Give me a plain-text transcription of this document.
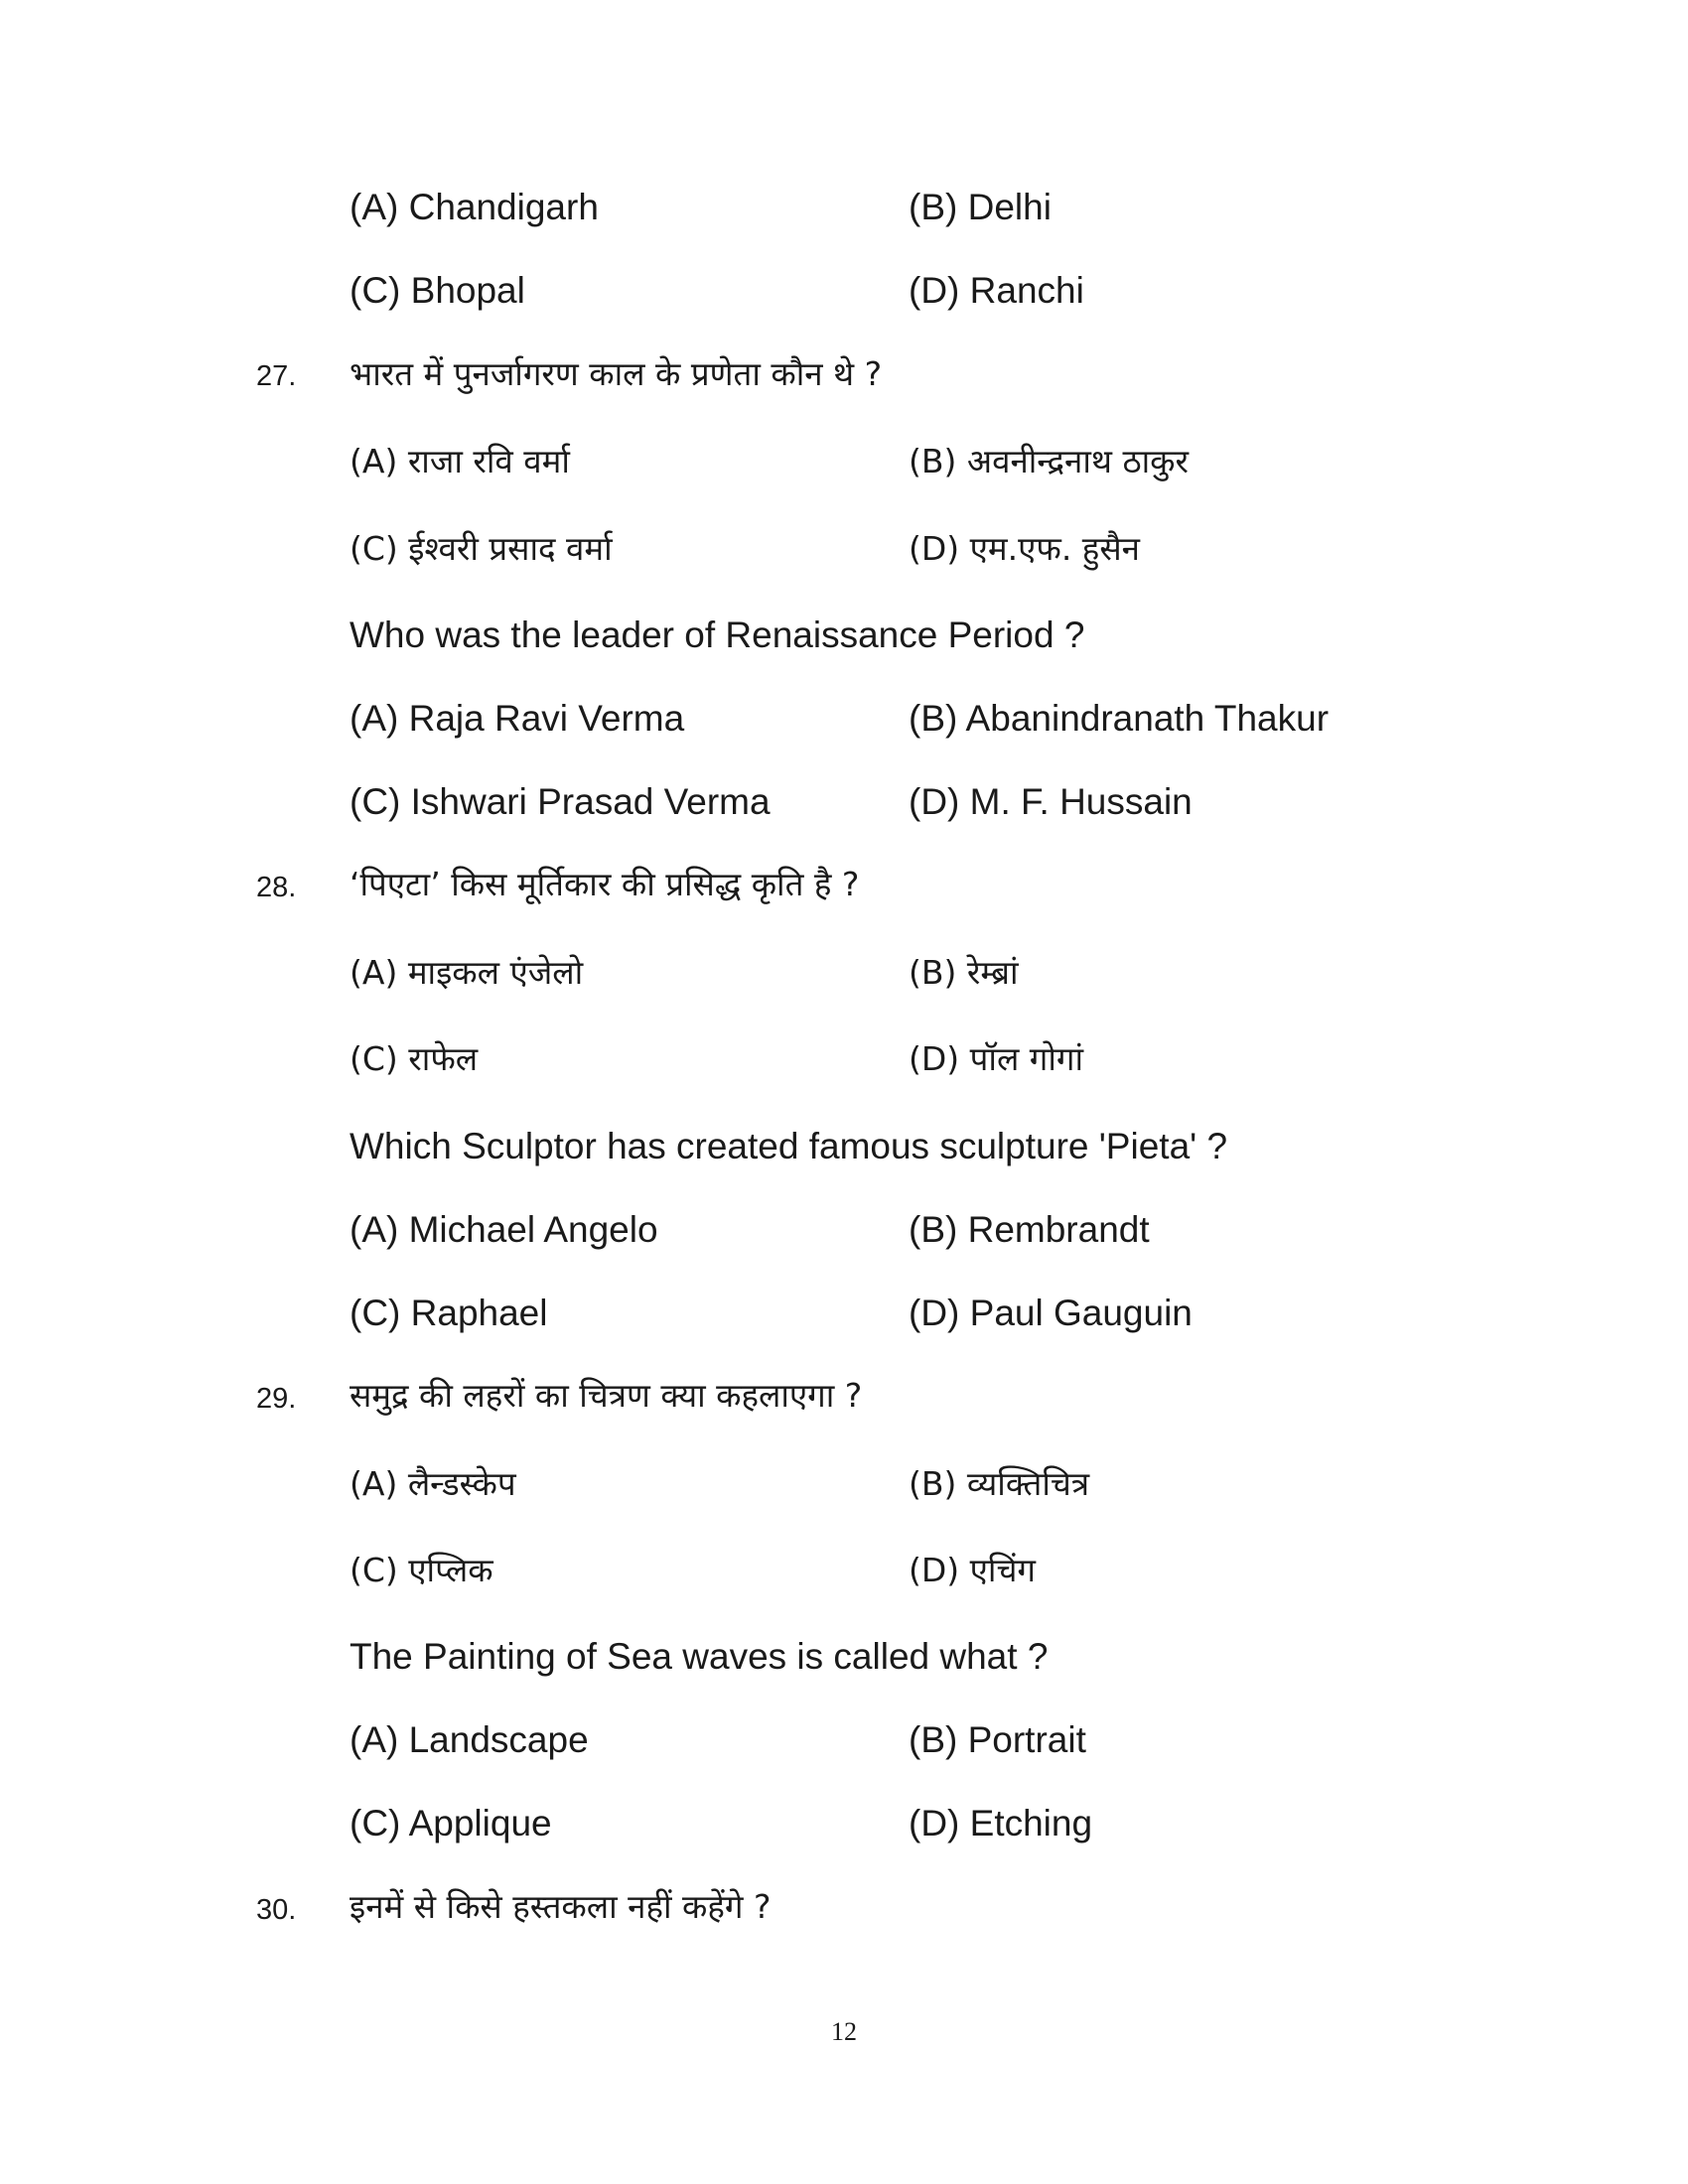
(A) Chandigarh	(B) Delhi
(C) Bhopal	(D) Ranchi
27. भारत में पुनर्जागरण काल के प्रणेता कौन थे ?
(A) राजा रवि वर्मा	(B) अवनीन्द्रनाथ ठाकुर
(C) ईश्वरी प्रसाद वर्मा	(D) एम.एफ. हुसैन
Who was the leader of Renaissance Period ?
(A) Raja Ravi Verma	(B) Abanindranath Thakur
(C) Ishwari Prasad Verma	(D) M. F. Hussain
28. ‘पिएटा’ किस मूर्तिकार की प्रसिद्ध कृति है ?
(A) माइकल एंजेलो	(B) रेम्ब्रां
(C) राफेल	(D) पॉल गोगां
Which Sculptor has created famous sculpture 'Pieta' ?
(A) Michael Angelo	(B) Rembrandt
(C) Raphael	(D) Paul Gauguin
29. समुद्र की लहरों का चित्रण क्या कहलाएगा ?
(A) लैन्डस्केप	(B) व्यक्तिचित्र
(C) एप्लिक	(D) एचिंग
The Painting of Sea waves is called what ?
(A) Landscape	(B) Portrait
(C) Applique	(D) Etching
30. इनमें से किसे हस्तकला नहीं कहेंगे ?
12
